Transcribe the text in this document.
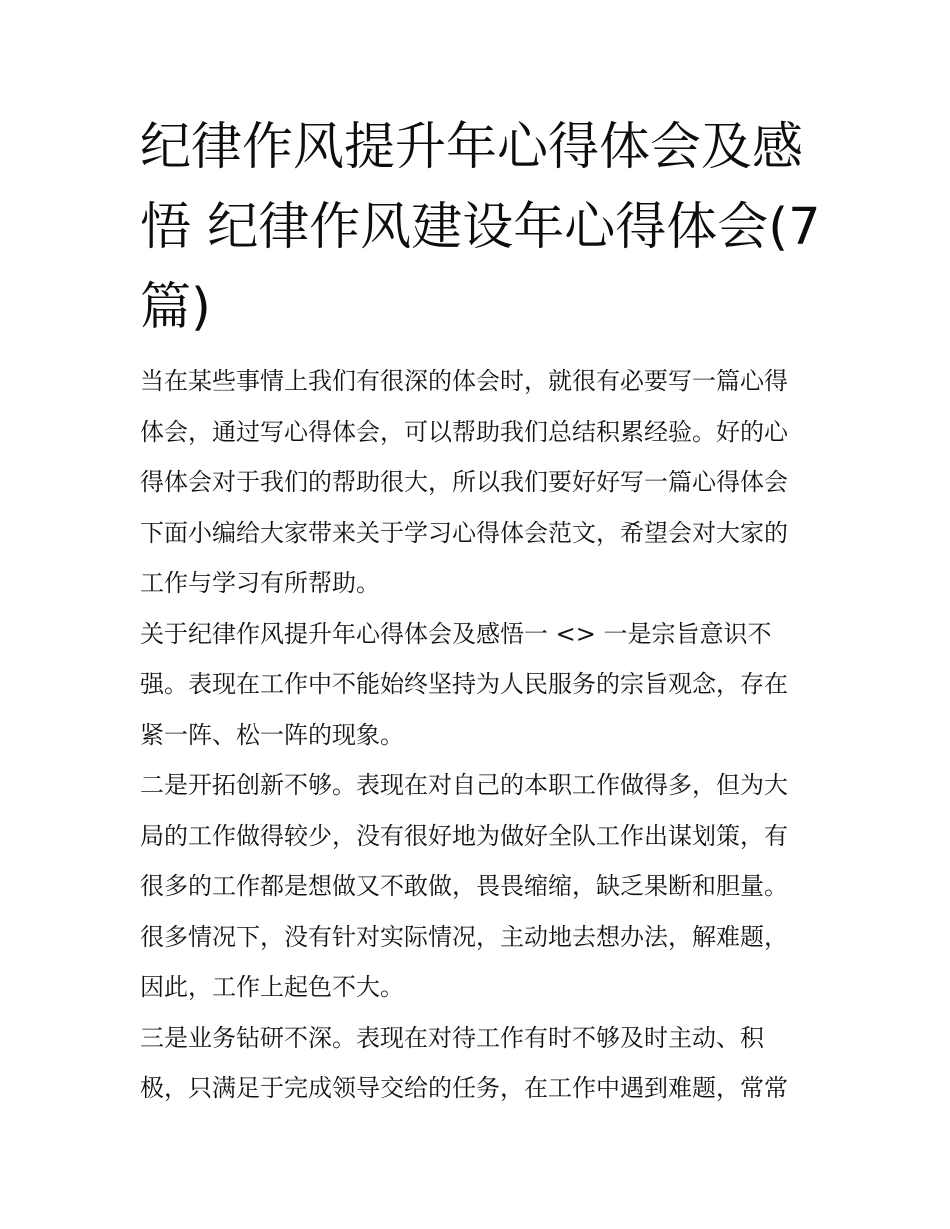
纪律作风提升年心得体会及感
悟 纪律作风建设年心得体会(7
篇)

当在某些事情上我们有很深的体会时，就很有必要写一篇心得
体会，通过写心得体会，可以帮助我们总结积累经验。好的心
得体会对于我们的帮助很大，所以我们要好好写一篇心得体会
下面小编给大家带来关于学习心得体会范文，希望会对大家的
工作与学习有所帮助。

关于纪律作风提升年心得体会及感悟一 <> 一是宗旨意识不
强。表现在工作中不能始终坚持为人民服务的宗旨观念，存在
紧一阵、松一阵的现象。

二是开拓创新不够。表现在对自己的本职工作做得多，但为大
局的工作做得较少，没有很好地为做好全队工作出谋划策，有
很多的工作都是想做又不敢做，畏畏缩缩，缺乏果断和胆量。
很多情况下，没有针对实际情况，主动地去想办法，解难题，
因此，工作上起色不大。

三是业务钻研不深。表现在对待工作有时不够及时主动、积
极，只满足于完成领导交给的任务，在工作中遇到难题，常常
